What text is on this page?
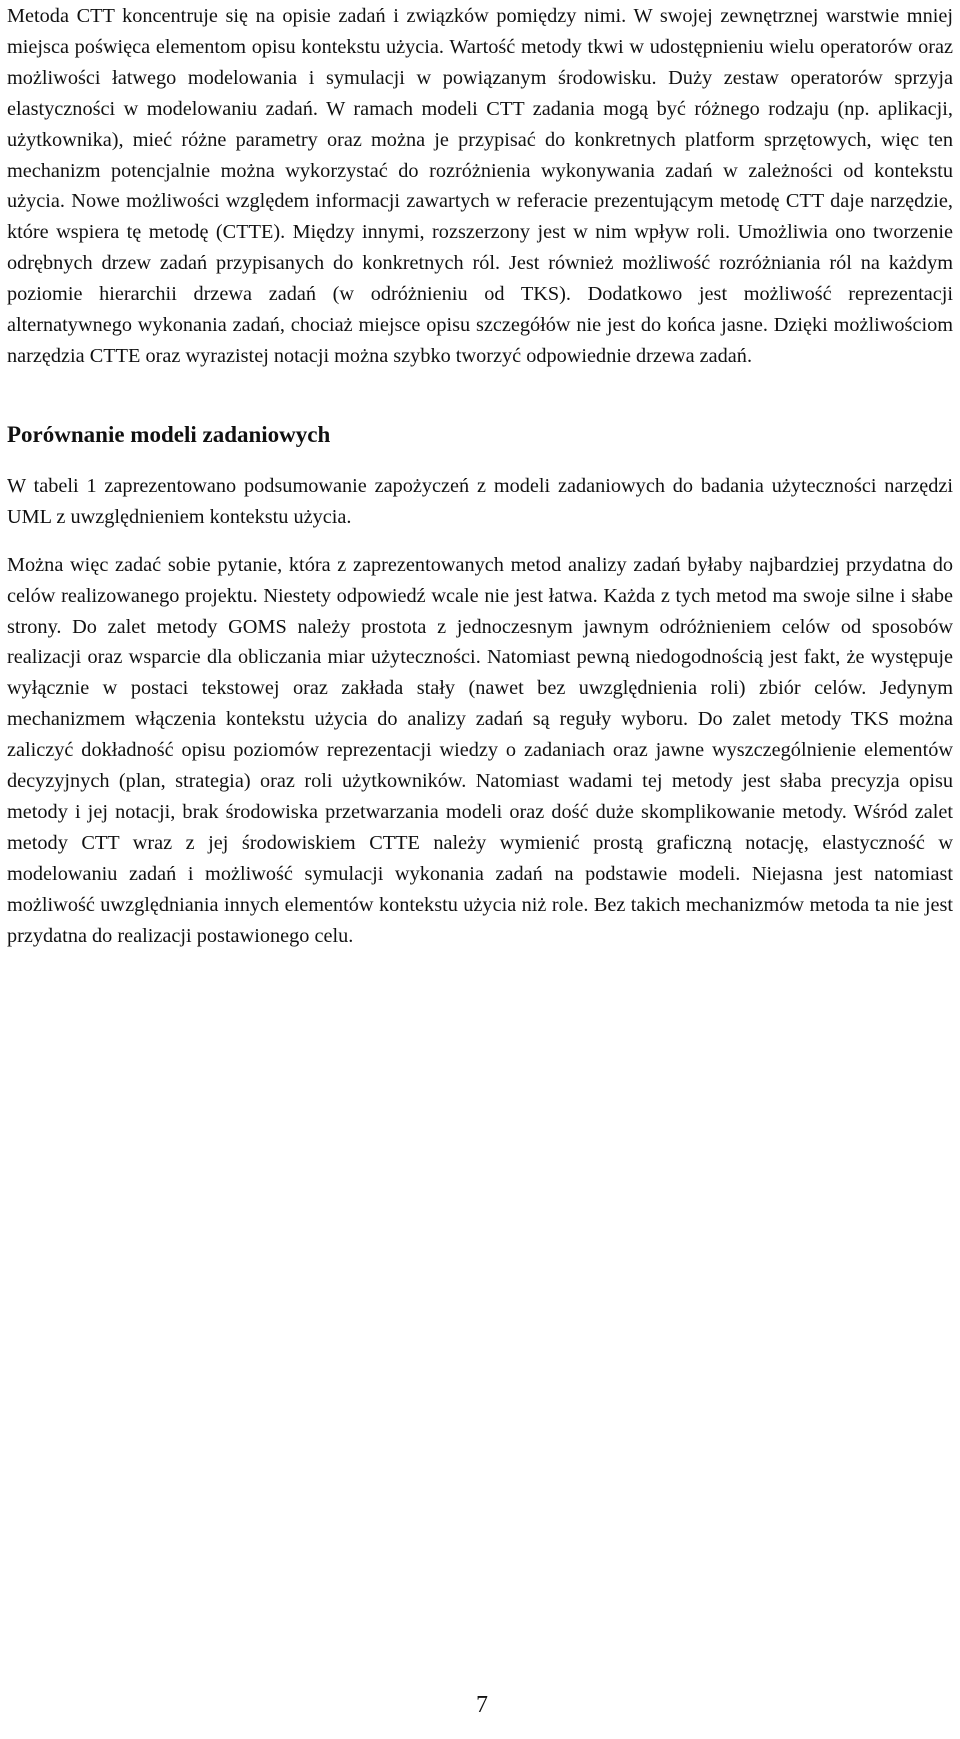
Metoda CTT koncentruje się na opisie zadań i związków pomiędzy nimi. W swojej zewnętrznej warstwie mniej miejsca poświęca elementom opisu kontekstu użycia. Wartość metody tkwi w udostępnieniu wielu operatorów oraz możliwości łatwego modelowania i symulacji w powiązanym środowisku. Duży zestaw operatorów sprzyja elastyczności w modelowaniu zadań. W ramach modeli CTT zadania mogą być różnego rodzaju (np. aplikacji, użytkownika), mieć różne parametry oraz można je przypisać do konkretnych platform sprzętowych, więc ten mechanizm potencjalnie można wykorzystać do rozróżnienia wykonywania zadań w zależności od kontekstu użycia. Nowe możliwości względem informacji zawartych w referacie prezentującym metodę CTT daje narzędzie, które wspiera tę metodę (CTTE). Między innymi, rozszerzony jest w nim wpływ roli. Umożliwia ono tworzenie odrębnych drzew zadań przypisanych do konkretnych ról. Jest również możliwość rozróżniania ról na każdym poziomie hierarchii drzewa zadań (w odróżnieniu od TKS). Dodatkowo jest możliwość reprezentacji alternatywnego wykonania zadań, chociaż miejsce opisu szczegółów nie jest do końca jasne. Dzięki możliwościom narzędzia CTTE oraz wyrazistej notacji można szybko tworzyć odpowiednie drzewa zadań.

Porównanie modeli zadaniowych

W tabeli 1 zaprezentowano podsumowanie zapożyczeń z modeli zadaniowych do badania użyteczności narzędzi UML z uwzględnieniem kontekstu użycia.

Można więc zadać sobie pytanie, która z zaprezentowanych metod analizy zadań byłaby najbardziej przydatna do celów realizowanego projektu. Niestety odpowiedź wcale nie jest łatwa. Każda z tych metod ma swoje silne i słabe strony. Do zalet metody GOMS należy prostota z jednoczesnym jawnym odróżnieniem celów od sposobów realizacji oraz wsparcie dla obliczania miar użyteczności. Natomiast pewną niedogodnością jest fakt, że występuje wyłącznie w postaci tekstowej oraz zakłada stały (nawet bez uwzględnienia roli) zbiór celów. Jedynym mechanizmem włączenia kontekstu użycia do analizy zadań są reguły wyboru. Do zalet metody TKS można zaliczyć dokładność opisu poziomów reprezentacji wiedzy o zadaniach oraz jawne wyszczególnienie elementów decyzyjnych (plan, strategia) oraz roli użytkowników. Natomiast wadami tej metody jest słaba precyzja opisu metody i jej notacji, brak środowiska przetwarzania modeli oraz dość duże skomplikowanie metody. Wśród zalet metody CTT wraz z jej środowiskiem CTTE należy wymienić prostą graficzną notację, elastyczność w modelowaniu zadań i możliwość symulacji wykonania zadań na podstawie modeli. Niejasna jest natomiast możliwość uwzględniania innych elementów kontekstu użycia niż role. Bez takich mechanizmów metoda ta nie jest przydatna do realizacji postawionego celu.

7
